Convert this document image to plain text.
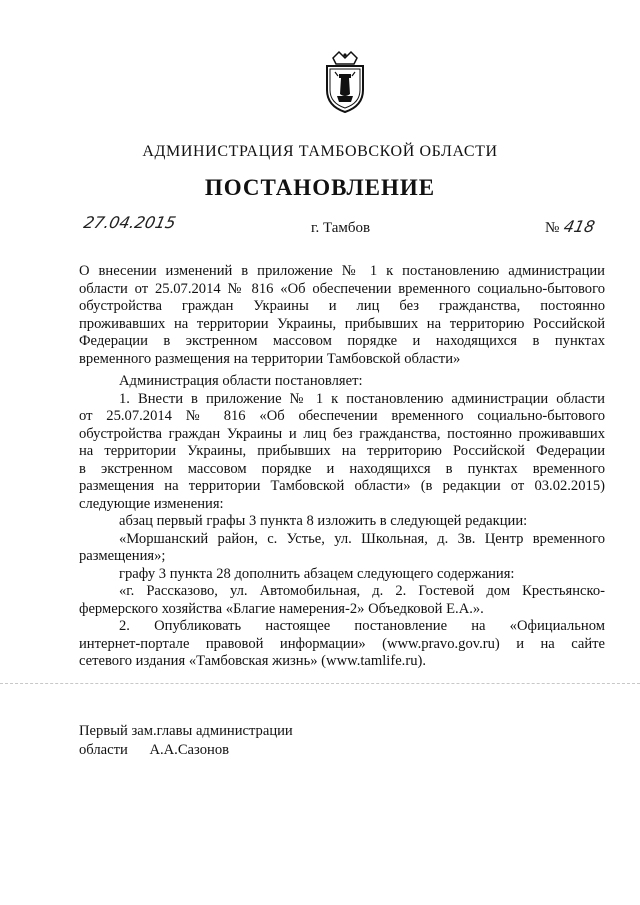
АДМИНИСТРАЦИЯ ТАМБОВСКОЙ ОБЛАСТИ
ПОСТАНОВЛЕНИЕ
27.04.2015	г. Тамбов	№ 418
О внесении изменений в приложение № 1 к постановлению администрации
области от 25.07.2014 № 816 «Об обеспечении временного социально-бытового
обустройства граждан Украины и лиц без гражданства, постоянно
проживавших на территории Украины, прибывших на территорию Российской
Федерации в экстренном массовом порядке и находящихся в пунктах
временного размещения на территории Тамбовской области»
Администрация области постановляет:
1. Внести в приложение № 1 к постановлению администрации области
от 25.07.2014 № 816 «Об обеспечении временного социально-бытового
обустройства граждан Украины и лиц без гражданства, постоянно проживавших
на территории Украины, прибывших на территорию Российской Федерации
в экстренном массовом порядке и находящихся в пунктах временного
размещения на территории Тамбовской области» (в редакции от 03.02.2015)
следующие изменения:
абзац первый графы 3 пункта 8 изложить в следующей редакции:
«Моршанский район, с. Устье, ул. Школьная, д. 3в. Центр временного
размещения»;
графу 3 пункта 28 дополнить абзацем следующего содержания:
«г. Рассказово, ул. Автомобильная, д. 2. Гостевой дом Крестьянско-
фермерского хозяйства «Благие намерения-2» Объедковой Е.А.».
2. Опубликовать настоящее постановление на «Официальном
интернет-портале правовой информации» (www.pravo.gov.ru) и на сайте
сетевого издания «Тамбовская жизнь» (www.tamlife.ru).
Первый зам.главы администрации
области А.А.Сазонов
